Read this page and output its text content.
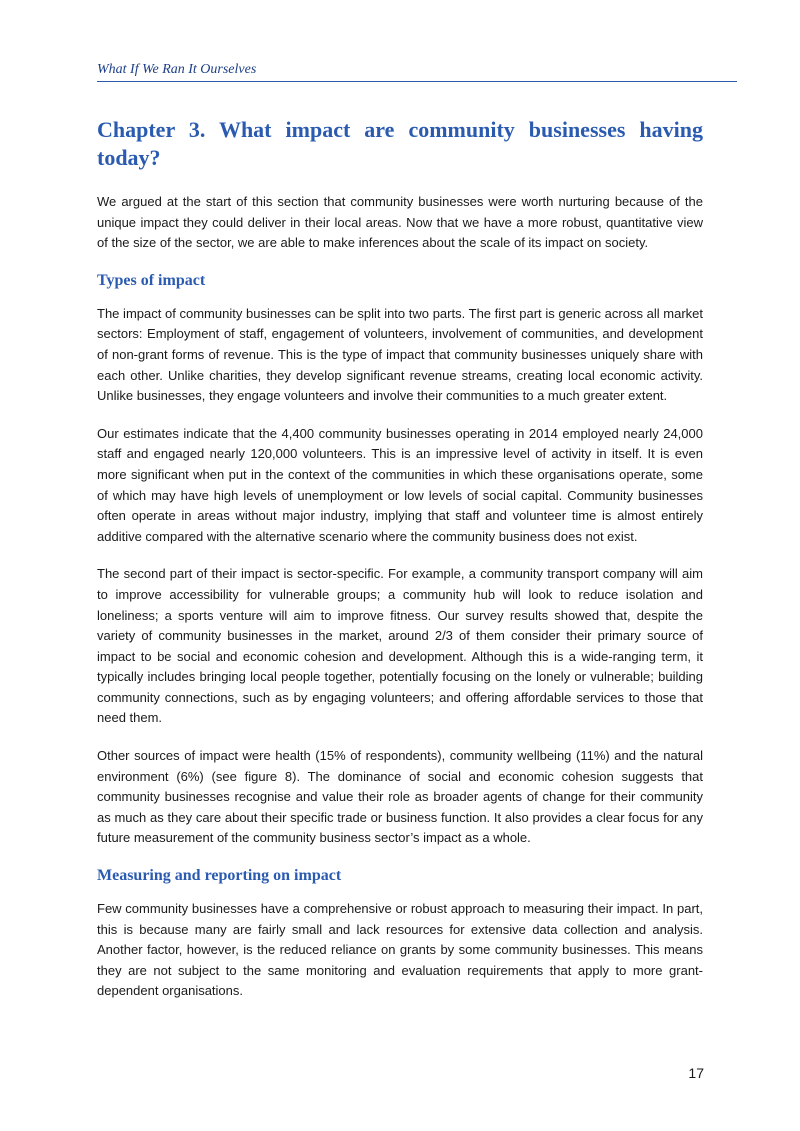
What If We Ran It Ourselves
Chapter 3. What impact are community businesses having today?

We argued at the start of this section that community businesses were worth nurturing because of the unique impact they could deliver in their local areas. Now that we have a more robust, quantitative view of the size of the sector, we are able to make inferences about the scale of its impact on society.

Types of impact

The impact of community businesses can be split into two parts. The first part is generic across all market sectors: Employment of staff, engagement of volunteers, involvement of communities, and development of non-grant forms of revenue. This is the type of impact that community businesses uniquely share with each other. Unlike charities, they develop significant revenue streams, creating local economic activity. Unlike businesses, they engage volunteers and involve their communities to a much greater extent.

Our estimates indicate that the 4,400 community businesses operating in 2014 employed nearly 24,000 staff and engaged nearly 120,000 volunteers. This is an impressive level of activity in itself. It is even more significant when put in the context of the communities in which these organisations operate, some of which may have high levels of unemployment or low levels of social capital. Community businesses often operate in areas without major industry, implying that staff and volunteer time is almost entirely additive compared with the alternative scenario where the community business does not exist.

The second part of their impact is sector-specific. For example, a community transport company will aim to improve accessibility for vulnerable groups; a community hub will look to reduce isolation and loneliness; a sports venture will aim to improve fitness. Our survey results showed that, despite the variety of community businesses in the market, around 2/3 of them consider their primary source of impact to be social and economic cohesion and development. Although this is a wide-ranging term, it typically includes bringing local people together, potentially focusing on the lonely or vulnerable; building community connections, such as by engaging volunteers; and offering affordable services to those that need them.

Other sources of impact were health (15% of respondents), community wellbeing (11%) and the natural environment (6%) (see figure 8). The dominance of social and economic cohesion suggests that community businesses recognise and value their role as broader agents of change for their community as much as they care about their specific trade or business function. It also provides a clear focus for any future measurement of the community business sector’s impact as a whole.

Measuring and reporting on impact

Few community businesses have a comprehensive or robust approach to measuring their impact. In part, this is because many are fairly small and lack resources for extensive data collection and analysis. Another factor, however, is the reduced reliance on grants by some community businesses. This means they are not subject to the same monitoring and evaluation requirements that apply to more grant-dependent organisations.

17
